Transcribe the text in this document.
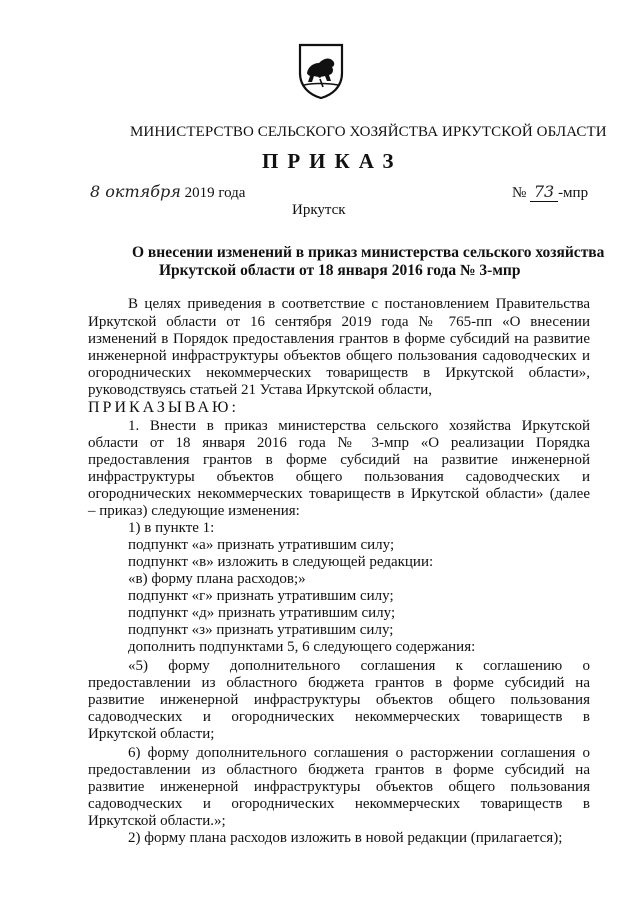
МИНИСТЕРСТВО СЕЛЬСКОГО ХОЗЯЙСТВА ИРКУТСКОЙ ОБЛАСТИ
ПРИКАЗ
8 октября 2019 года	№ 73 -мпр
Иркутск
О внесении изменений в приказ министерства сельского хозяйства
Иркутской области от 18 января 2016 года № 3-мпр
В целях приведения в соответствие с постановлением Правительства
Иркутской области от 16 сентября 2019 года № 765-пп «О внесении
изменений в Порядок предоставления грантов в форме субсидий на развитие
инженерной инфраструктуры объектов общего пользования садоводческих и
огороднических некоммерческих товариществ в Иркутской области»,
руководствуясь статьей 21 Устава Иркутской области,
ПРИКАЗЫВАЮ:
1. Внести в приказ министерства сельского хозяйства Иркутской
области от 18 января 2016 года № 3-мпр «О реализации Порядка
предоставления грантов в форме субсидий на развитие инженерной
инфраструктуры объектов общего пользования садоводческих и
огороднических некоммерческих товариществ в Иркутской области» (далее
– приказ) следующие изменения:
1) в пункте 1:
подпункт «а» признать утратившим силу;
подпункт «в» изложить в следующей редакции:
«в) форму плана расходов;»
подпункт «г» признать утратившим силу;
подпункт «д» признать утратившим силу;
подпункт «з» признать утратившим силу;
дополнить подпунктами 5, 6 следующего содержания:
«5) форму дополнительного соглашения к соглашению о
предоставлении из областного бюджета грантов в форме субсидий на
развитие инженерной инфраструктуры объектов общего пользования
садоводческих и огороднических некоммерческих товариществ в
Иркутской области;
6) форму дополнительного соглашения о расторжении соглашения о
предоставлении из областного бюджета грантов в форме субсидий на
развитие инженерной инфраструктуры объектов общего пользования
садоводческих и огороднических некоммерческих товариществ в
Иркутской области.»;
2) форму плана расходов изложить в новой редакции (прилагается);
